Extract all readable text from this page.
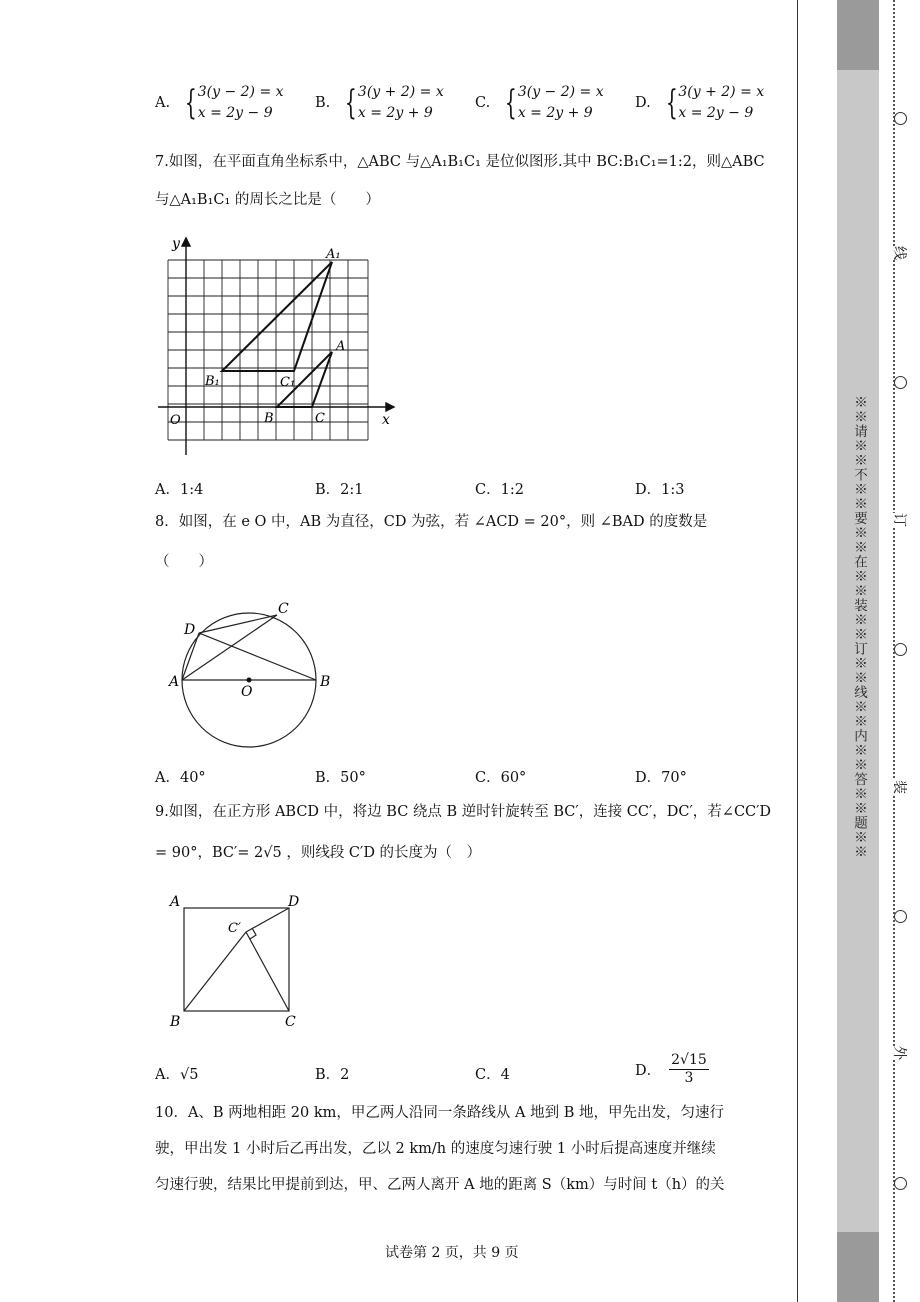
A. { 3(y − 2) = x
x = 2y − 9
B. { 3(y + 2) = x
x = 2y + 9
C. { 3(y − 2) = x
x = 2y + 9
D. { 3(y + 2) = x
x = 2y − 9
7.如图，在平面直角坐标系中，△ABC 与△A₁B₁C₁ 是位似图形.其中 BC:B₁C₁=1:2，则△ABC
与△A₁B₁C₁ 的周长之比是（　　）
y
x
O
A₁
B₁	C₁
A
B	C
A．1:4	B．2:1	C．1:2	D．1:3
8．如图，在 e O 中，AB 为直径，CD 为弦，若 ∠ACD = 20°，则 ∠BAD 的度数是
（　　）
A	B
C
D
O
A．40°	B．50°	C．60°	D．70°
9.如图，在正方形 ABCD 中，将边 BC 绕点 B 逆时针旋转至 BC′，连接 CC′，DC′，若∠CC′D
= 90°，BC′= 2√5 ，则线段 C′D 的长度为（　）
A
B	C
D
C′
A．√5	B．2	C．4	D． $\frac{2√15}{3}$
10．A、B 两地相距 20 km，甲乙两人沿同一条路线从 A 地到 B 地，甲先出发，匀速行
驶，甲出发 1 小时后乙再出发，乙以 2 km/h 的速度匀速行驶 1 小时后提高速度并继续
匀速行驶，结果比甲提前到达，甲、乙两人离开 A 地的距离 S（km）与时间 t（h）的关
试卷第 2 页，共 9 页
※※请※※不※※要※※在※※装※※订※※线※※内※※答※※题※※
线
订
装
外
